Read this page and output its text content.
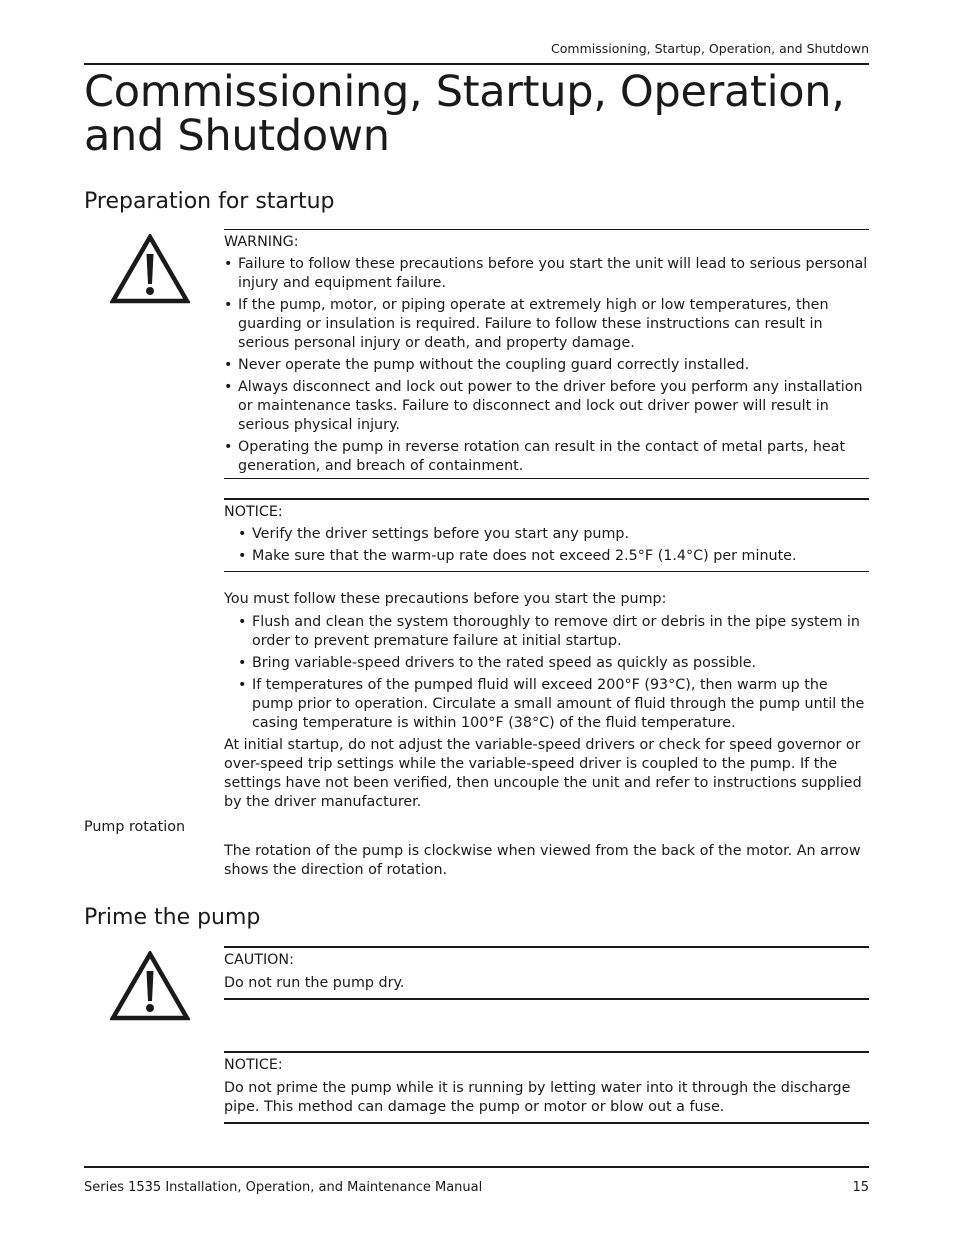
Commissioning, Startup, Operation, and Shutdown
Commissioning, Startup, Operation, and Shutdown
Preparation for startup
WARNING:
• Failure to follow these precautions before you start the unit will lead to serious personal injury and equipment failure.
• If the pump, motor, or piping operate at extremely high or low temperatures, then guarding or insulation is required. Failure to follow these instructions can result in serious personal injury or death, and property damage.
• Never operate the pump without the coupling guard correctly installed.
• Always disconnect and lock out power to the driver before you perform any installation or maintenance tasks. Failure to disconnect and lock out driver power will result in serious physical injury.
• Operating the pump in reverse rotation can result in the contact of metal parts, heat generation, and breach of containment.
NOTICE:
• Verify the driver settings before you start any pump.
• Make sure that the warm-up rate does not exceed 2.5°F (1.4°C) per minute.

You must follow these precautions before you start the pump:

• Flush and clean the system thoroughly to remove dirt or debris in the pipe system in order to prevent premature failure at initial startup.
• Bring variable-speed drivers to the rated speed as quickly as possible.
• If temperatures of the pumped fluid will exceed 200°F (93°C), then warm up the pump prior to operation. Circulate a small amount of fluid through the pump until the casing temperature is within 100°F (38°C) of the fluid temperature.

At initial startup, do not adjust the variable-speed drivers or check for speed governor or over-speed trip settings while the variable-speed driver is coupled to the pump. If the settings have not been verified, then uncouple the unit and refer to instructions supplied by the driver manufacturer.

Pump rotation
The rotation of the pump is clockwise when viewed from the back of the motor. An arrow shows the direction of rotation.
Prime the pump
CAUTION:

Do not run the pump dry.

NOTICE:

Do not prime the pump while it is running by letting water into it through the discharge pipe. This method can damage the pump or motor or blow out a fuse.

Series 1535 Installation, Operation, and Maintenance Manual	15
